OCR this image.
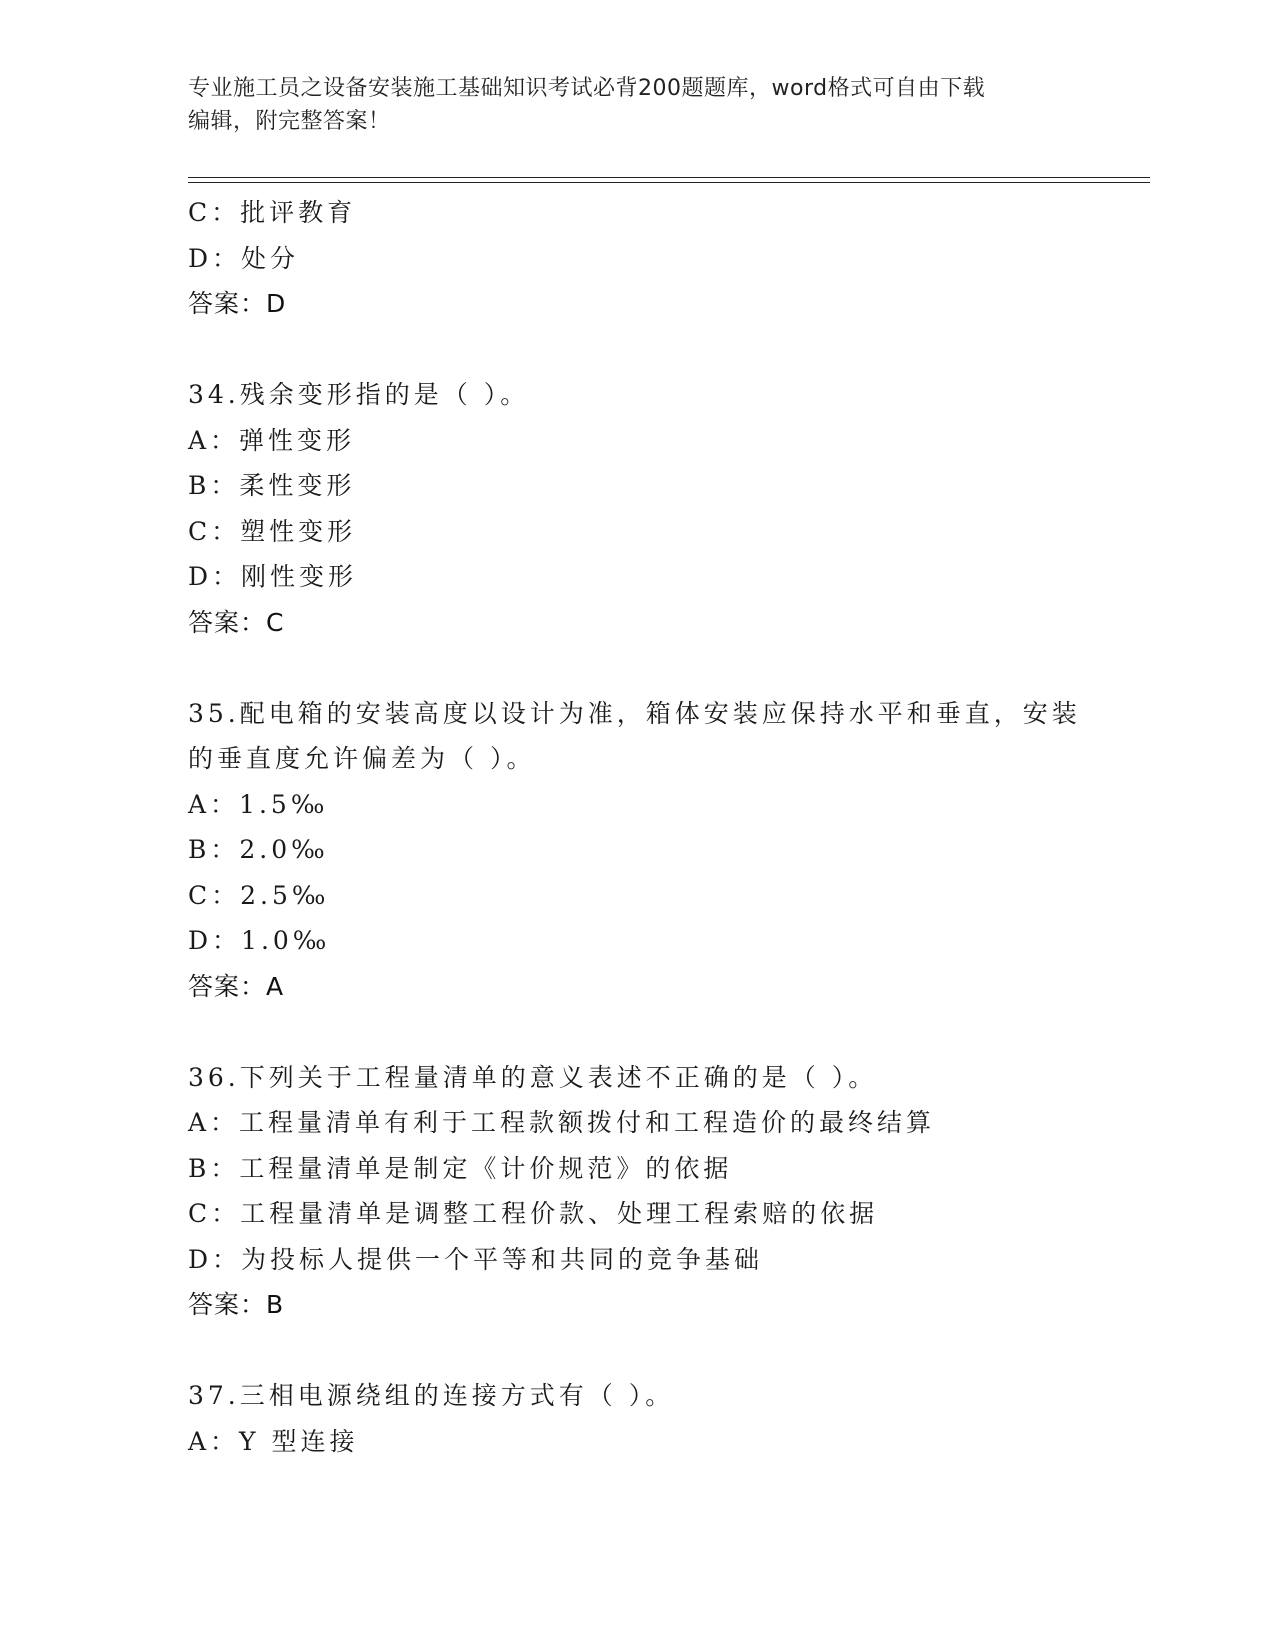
专业施工员之设备安装施工基础知识考试必背200题题库，word格式可自由下载
编辑，附完整答案！
C：批评教育
D：处分
答案：D
34.残余变形指的是（ ）。
A：弹性变形
B：柔性变形
C：塑性变形
D：刚性变形
答案：C
35.配电箱的安装高度以设计为准，箱体安装应保持水平和垂直，安装
的垂直度允许偏差为（ ）。
A：1.5‰
B：2.0‰
C：2.5‰
D：1.0‰
答案：A
36.下列关于工程量清单的意义表述不正确的是（ ）。
A：工程量清单有利于工程款额拨付和工程造价的最终结算
B：工程量清单是制定《计价规范》的依据
C：工程量清单是调整工程价款、处理工程索赔的依据
D：为投标人提供一个平等和共同的竞争基础
答案：B
37.三相电源绕组的连接方式有（ ）。
A：Y 型连接
